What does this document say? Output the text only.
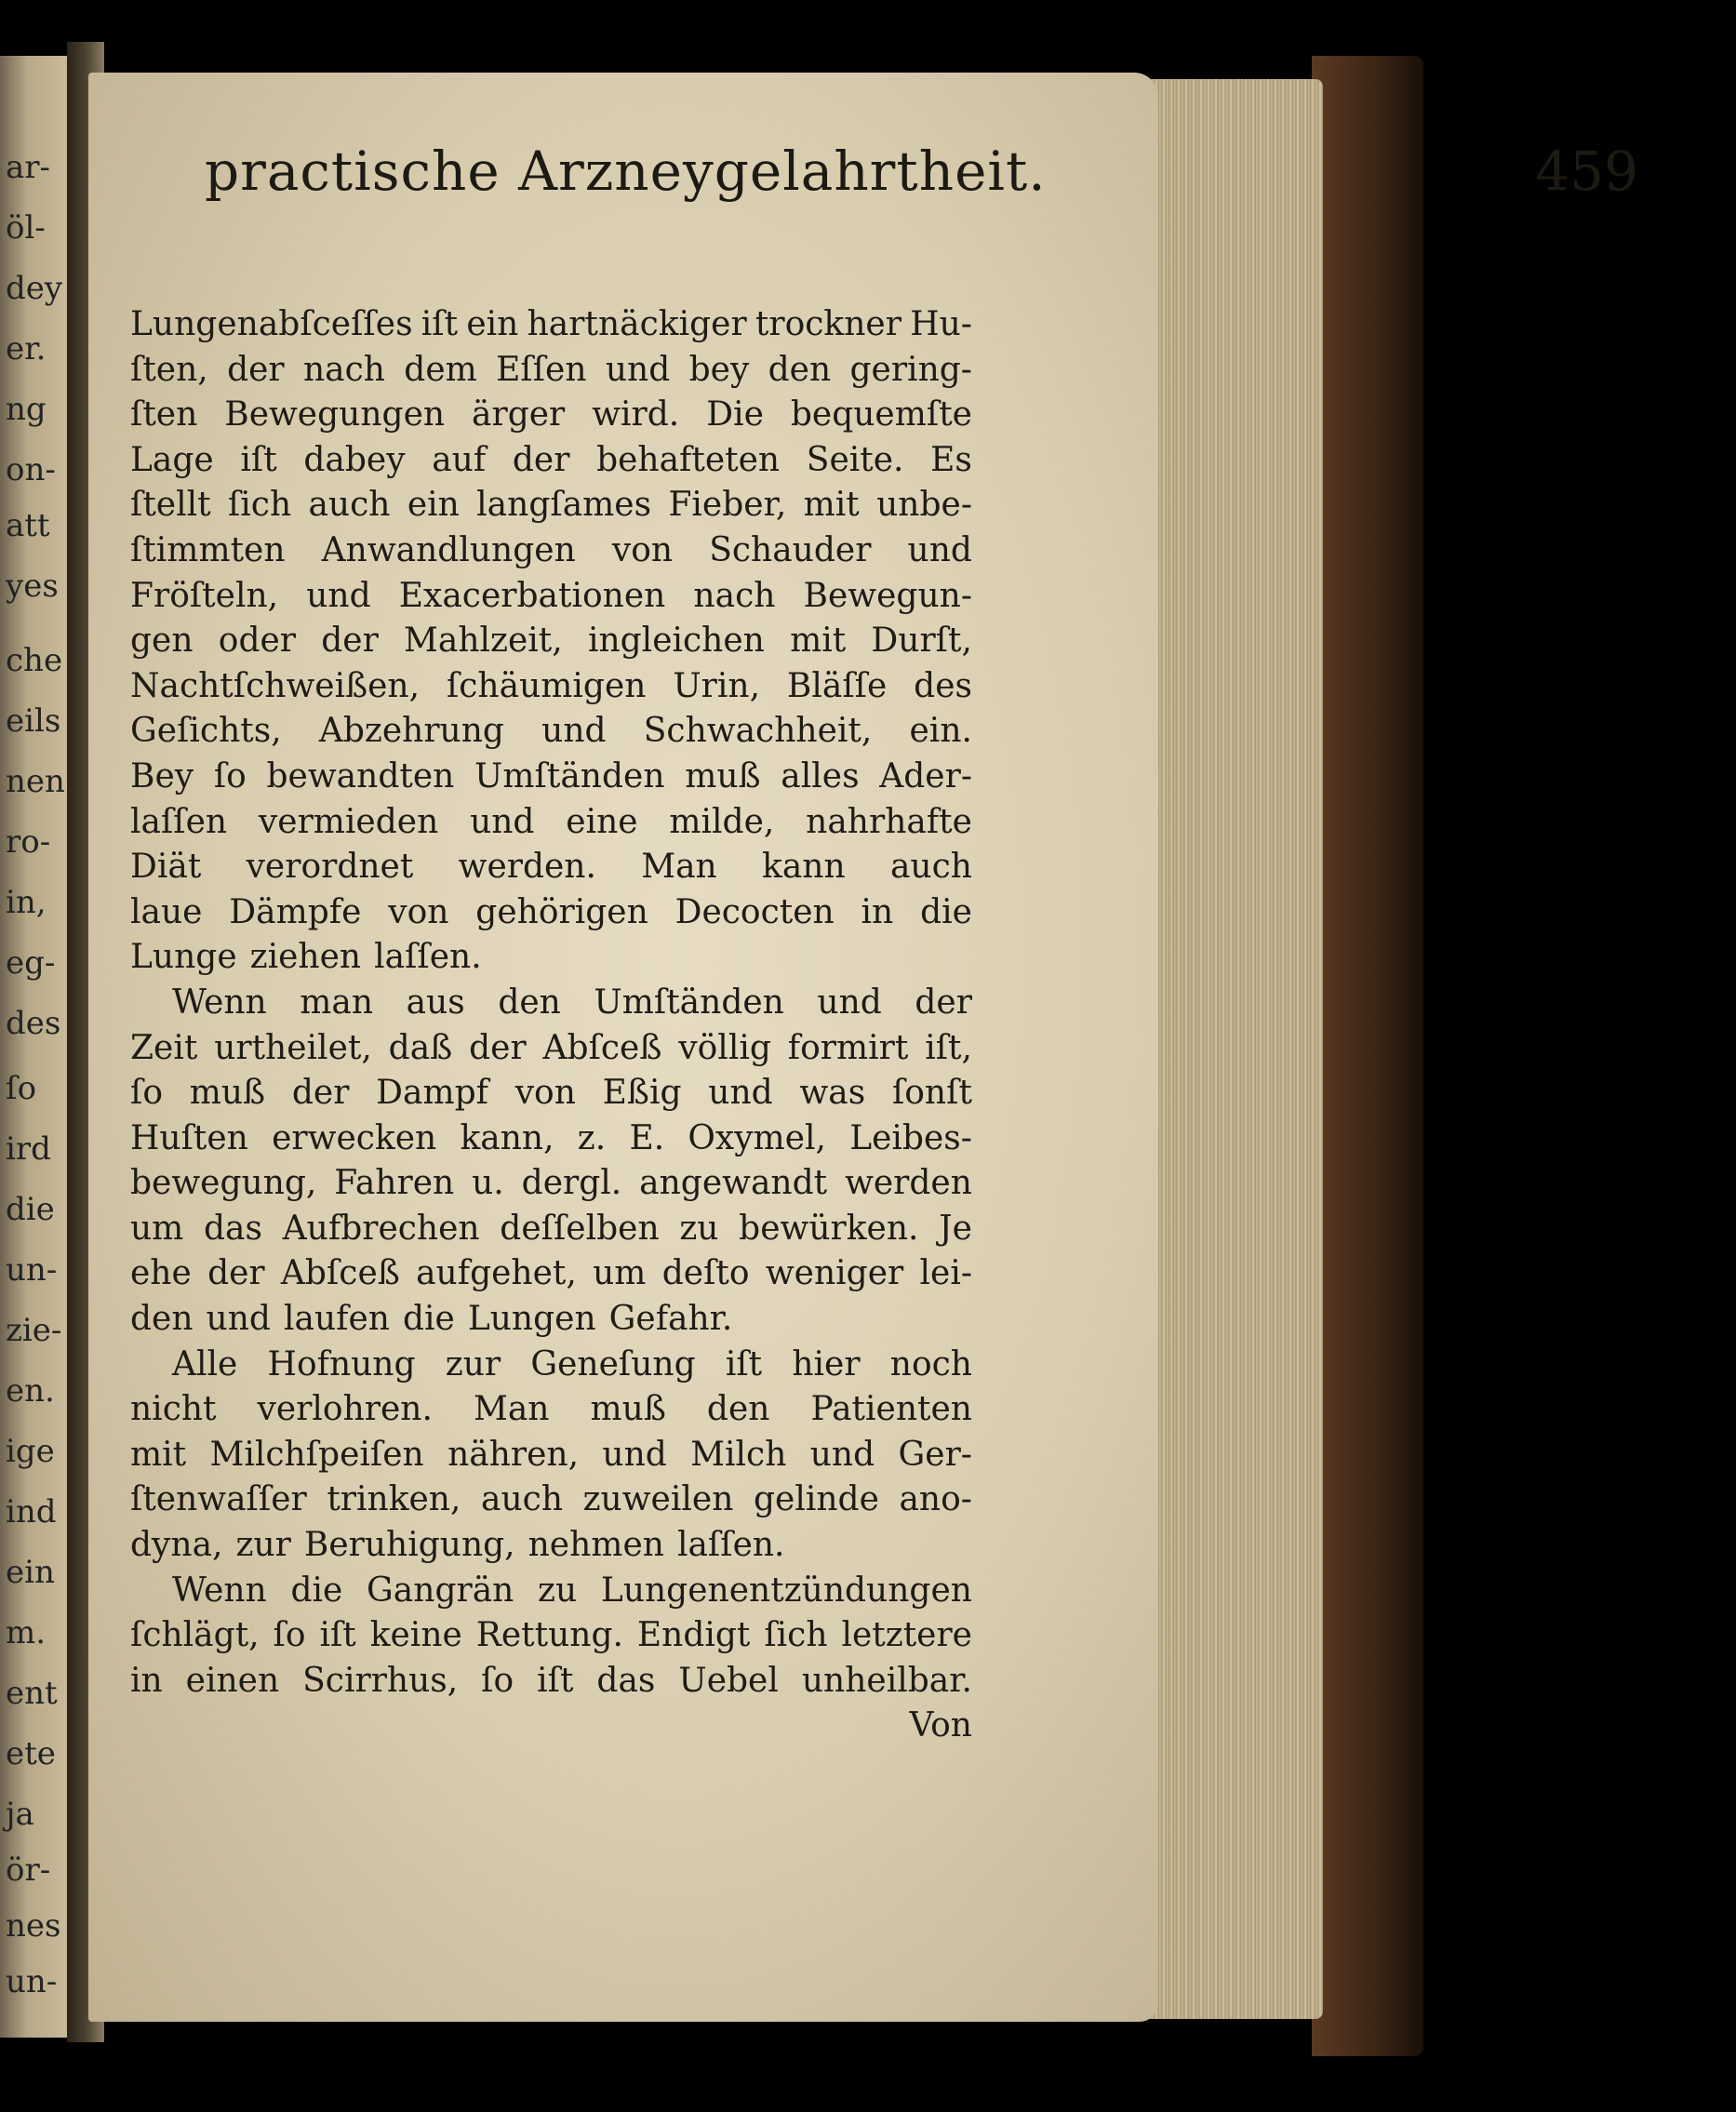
ar-
öl-
dey
er.
ng
on-
att
yes
che
eils
nen
ro-
in,
eg-
des
ſo
ird
die
un-
zie-
en.
ige
ind
ein
m.
ent
ete
ja
ör-
nes
un-
practische Arzneygelahrtheit.	459
Lungenabſceſſes iſt ein hartnäckiger trockner Hu-
ſten, der nach dem Eſſen und bey den gering-
ſten Bewegungen ärger wird. Die bequemſte
Lage iſt dabey auf der behafteten Seite. Es
ſtellt ſich auch ein langſames Fieber, mit unbe-
ſtimmten Anwandlungen von Schauder und
Fröſteln, und Exacerbationen nach Bewegun-
gen oder der Mahlzeit, ingleichen mit Durſt,
Nachtſchweißen, ſchäumigen Urin, Bläſſe des
Geſichts, Abzehrung und Schwachheit, ein.
Bey ſo bewandten Umſtänden muß alles Ader-
laſſen vermieden und eine milde, nahrhafte
Diät verordnet werden. Man kann auch
laue Dämpfe von gehörigen Decocten in die
Lunge ziehen laſſen.
Wenn man aus den Umſtänden und der
Zeit urtheilet, daß der Abſceß völlig formirt iſt,
ſo muß der Dampf von Eßig und was ſonſt
Huſten erwecken kann, z. E. Oxymel, Leibes-
bewegung, Fahren u. dergl. angewandt werden
um das Aufbrechen deſſelben zu bewürken. Je
ehe der Abſceß aufgehet, um deſto weniger lei-
den und laufen die Lungen Gefahr.
Alle Hofnung zur Geneſung iſt hier noch
nicht verlohren. Man muß den Patienten
mit Milchſpeiſen nähren, und Milch und Ger-
ſtenwaſſer trinken, auch zuweilen gelinde ano-
dyna, zur Beruhigung, nehmen laſſen.
Wenn die Gangrän zu Lungenentzündungen
ſchlägt, ſo iſt keine Rettung. Endigt ſich letztere
in einen Scirrhus, ſo iſt das Uebel unheilbar.
Von
